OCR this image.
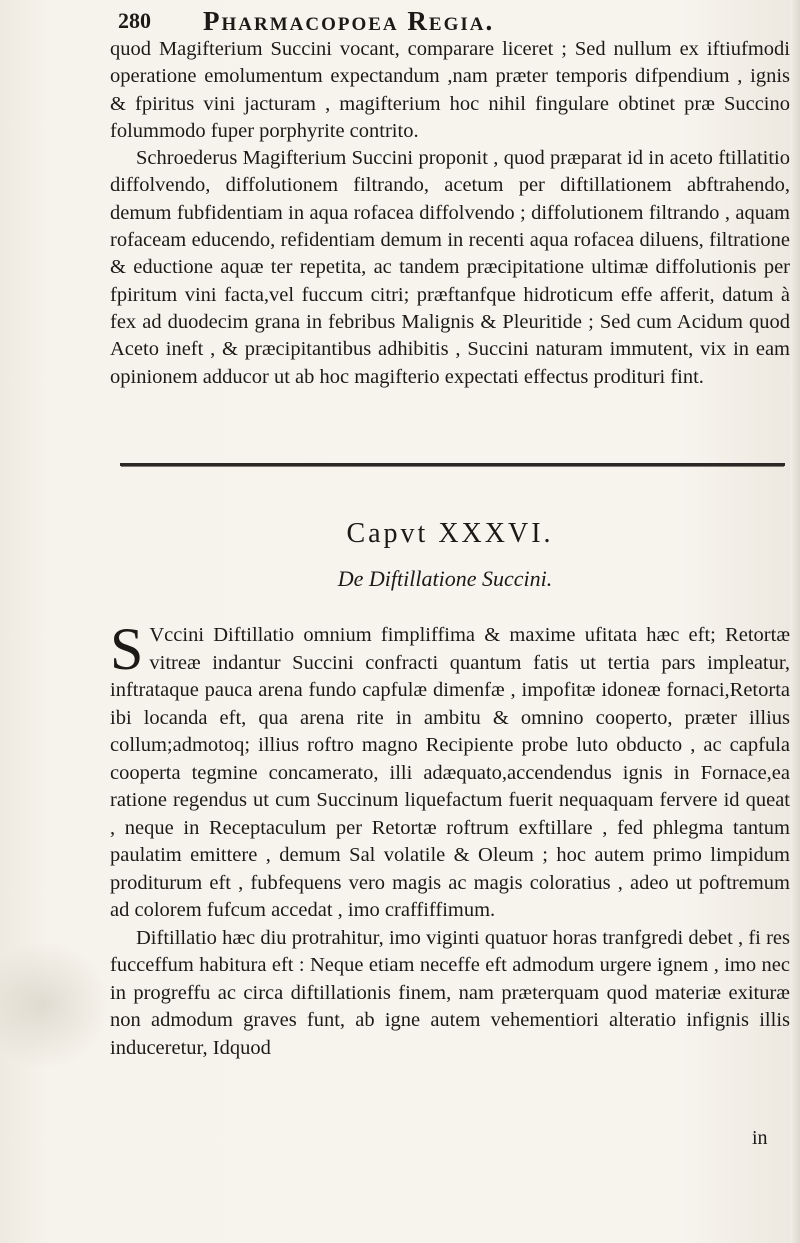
280 Pharmacopoea Regia.

quod Magifterium Succini vocant, comparare liceret ; Sed nullum ex iftiufmodi operatione emolumentum expectandum ,nam præter temporis difpendium , ignis & fpiritus vini jacturam , magifterium hoc nihil fingulare obtinet præ Succino folummodo fuper porphyrite contrito.

Schroederus Magifterium Succini proponit , quod præparat id in aceto ftillatitio diffolvendo, diffolutionem filtrando, acetum per diftillationem abftrahendo, demum fubfidentiam in aqua rofacea diffolvendo ; diffolutionem filtrando , aquam rofaceam educendo, refidentiam demum in recenti aqua rofacea diluens, filtratione & eductione aquæ ter repetita, ac tandem præcipitatione ultimæ diffolutionis per fpiritum vini facta,vel fuccum citri; præftanfque hidroticum effe afferit, datum à fex ad duodecim grana in febribus Malignis & Pleuritide ; Sed cum Acidum quod Aceto ineft , & præcipitantibus adhibitis , Succini naturam immutent, vix in eam opinionem adducor ut ab hoc magifterio expectati effectus prodituri fint.

Capvt XXXVI.
De Diftillatione Succini.

S Vccini Diftillatio omnium fimpliffima & maxime ufitata hæc eft; Retortæ vitreæ indantur Succini confracti quantum fatis ut tertia pars impleatur, inftrataque pauca arena fundo capfulæ dimenfæ , impofitæ idoneæ fornaci,Retorta ibi locanda eft, qua arena rite in ambitu & omnino cooperto, præter illius collum;admotoq; illius roftro magno Recipiente probe luto obducto , ac capfula cooperta tegmine concamerato, illi adæquato,accendendus ignis in Fornace,ea ratione regendus ut cum Succinum liquefactum fuerit nequaquam fervere id queat , neque in Receptaculum per Retortæ roftrum exftillare , fed phlegma tantum paulatim emittere , demum Sal volatile & Oleum ; hoc autem primo limpidum proditurum eft , fubfequens vero magis ac magis coloratius , adeo ut poftremum ad colorem fufcum accedat , imo craffiffimum.

Diftillatio hæc diu protrahitur, imo viginti quatuor horas tranfgredi debet , fi res fucceffum habitura eft : Neque etiam neceffe eft admodum urgere ignem , imo nec in progreffu ac circa diftillationis finem, nam præterquam quod materiæ exituræ non admodum graves funt, ab igne autem vehementiori alteratio infignis illis induceretur, Idquod

in
